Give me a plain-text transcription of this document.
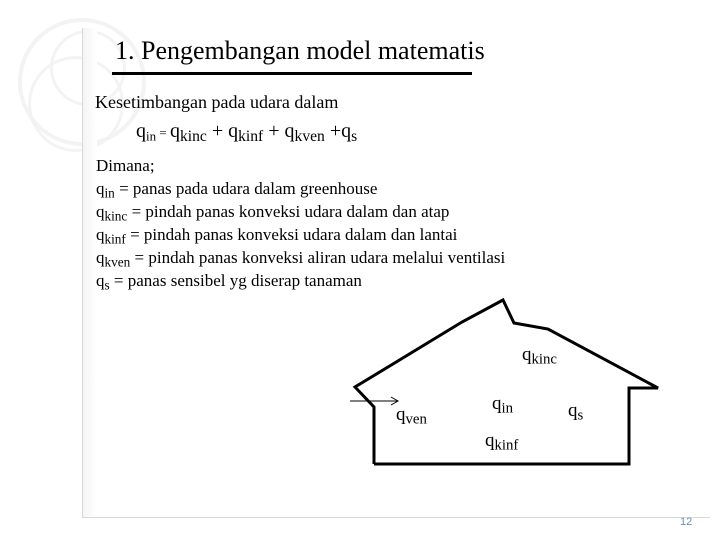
1. Pengembangan model matematis
Kesetimbangan pada udara dalam
$q_{in} = q_{kinc} + q_{kinf} + q_{kven} +q_s$
Dimana;
$q_{in}$ = panas pada udara dalam greenhouse
$q_{kinc}$ = pindah panas konveksi udara dalam dan atap
$q_{kinf}$ = pindah panas konveksi udara dalam dan lantai
$q_{kven}$ = pindah panas konveksi aliran udara melalui ventilasi
$q_s$ = panas sensibel yg diserap tanaman
$q_{kinc}$
$q_{ven}$
$q_{in}$	$q_s$
$q_{kinf}$
12
